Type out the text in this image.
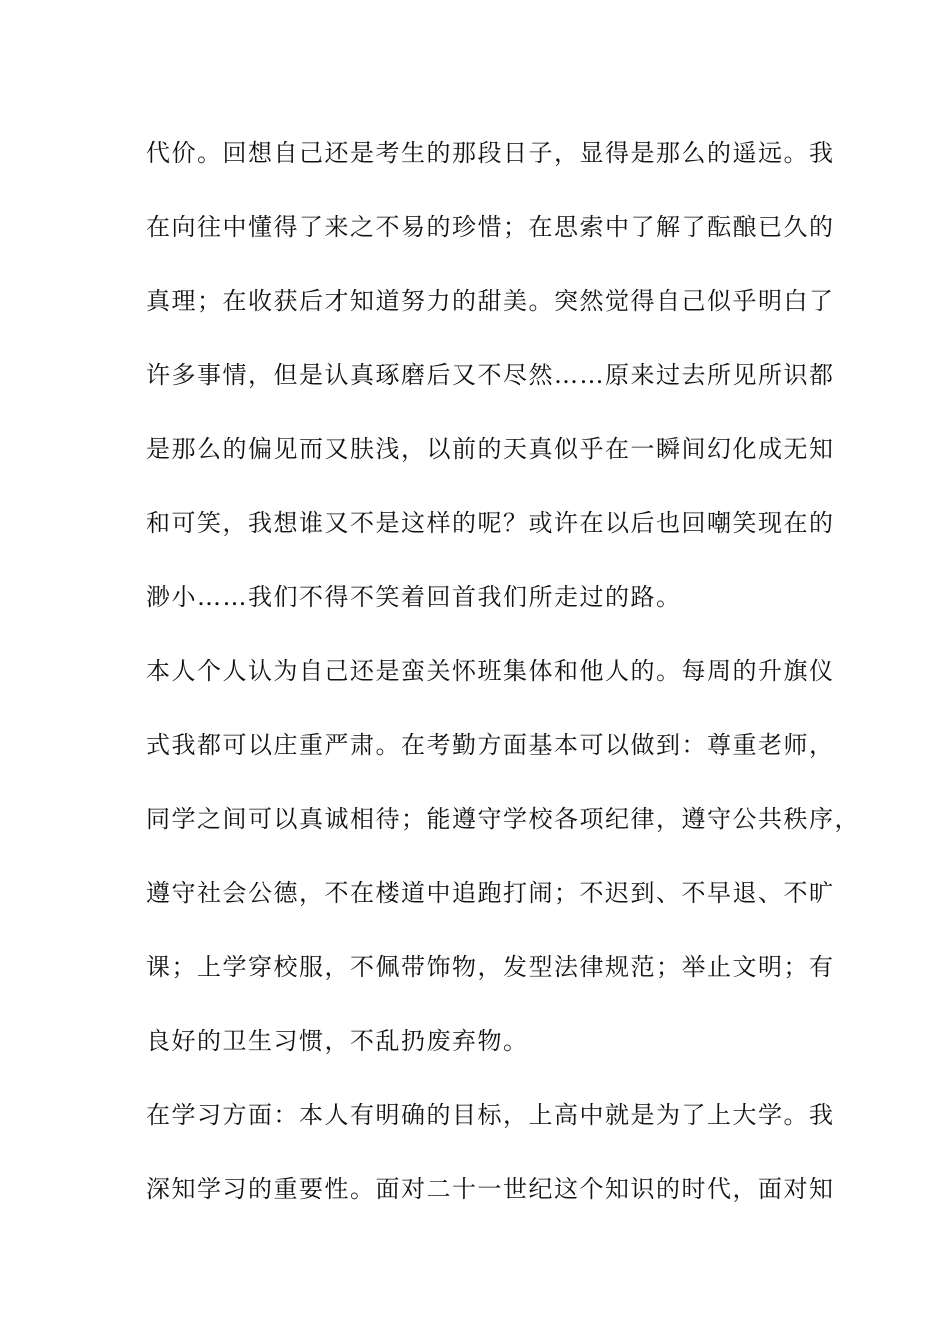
代价。回想自己还是考生的那段日子，显得是那么的遥远。我
在向往中懂得了来之不易的珍惜；在思索中了解了酝酿已久的
真理；在收获后才知道努力的甜美。突然觉得自己似乎明白了
许多事情，但是认真琢磨后又不尽然……原来过去所见所识都
是那么的偏见而又肤浅，以前的天真似乎在一瞬间幻化成无知
和可笑，我想谁又不是这样的呢？或许在以后也回嘲笑现在的
渺小……我们不得不笑着回首我们所走过的路。
本人个人认为自己还是蛮关怀班集体和他人的。每周的升旗仪
式我都可以庄重严肃。在考勤方面基本可以做到：尊重老师，
同学之间可以真诚相待；能遵守学校各项纪律，遵守公共秩序，
遵守社会公德，不在楼道中追跑打闹；不迟到、不早退、不旷
课；上学穿校服，不佩带饰物，发型法律规范；举止文明；有
良好的卫生习惯，不乱扔废弃物。
在学习方面：本人有明确的目标，上高中就是为了上大学。我
深知学习的重要性。面对二十一世纪这个知识的时代，面对知
